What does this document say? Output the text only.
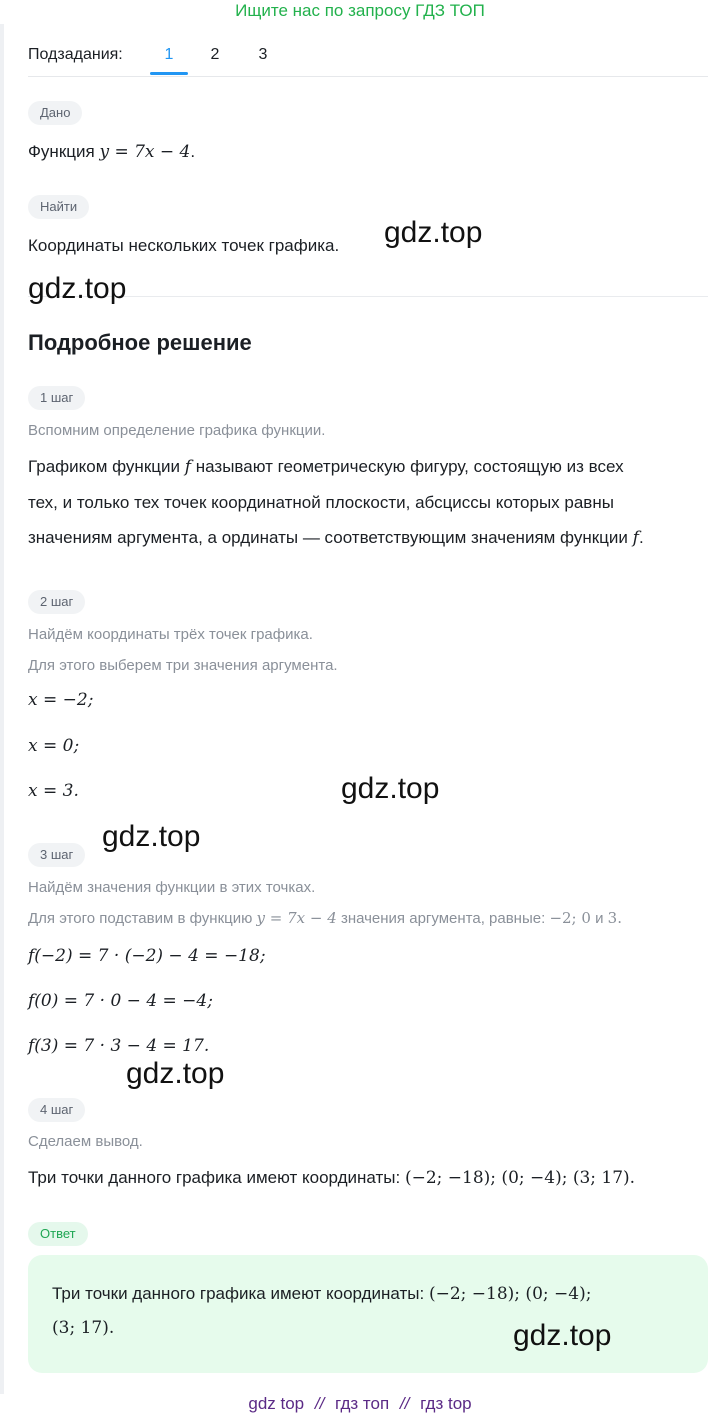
Ищите нас по запросу ГДЗ ТОП
Подзадания:	1	2	3
Дано
Функция y = 7x − 4.
Найти
Координаты нескольких точек графика.
Подробное решение
1 шаг
Вспомним определение графика функции.
Графиком функции f называют геометрическую фигуру, состоящую из всех
тех, и только тех точек координатной плоскости, абсциссы которых равны
значениям аргумента, а ординаты — соответствующим значениям функции f.
2 шаг
Найдём координаты трёх точек графика.
Для этого выберем три значения аргумента.
x = −2;
x = 0;
x = 3.
3 шаг
Найдём значения функции в этих точках.
Для этого подставим в функцию y = 7x − 4 значения аргумента, равные: −2; 0 и 3.
f(−2) = 7 · (−2) − 4 = −18;
f(0) = 7 · 0 − 4 = −4;
f(3) = 7 · 3 − 4 = 17.
4 шаг
Сделаем вывод.
Три точки данного графика имеют координаты: (−2; −18); (0; −4); (3; 17).
Ответ
Три точки данного графика имеют координаты: (−2; −18); (0; −4);
(3; 17).
gdz.top
gdz.top
gdz.top
gdz.top
gdz.top
gdz.top
gdz top // гдз топ // гдз top
